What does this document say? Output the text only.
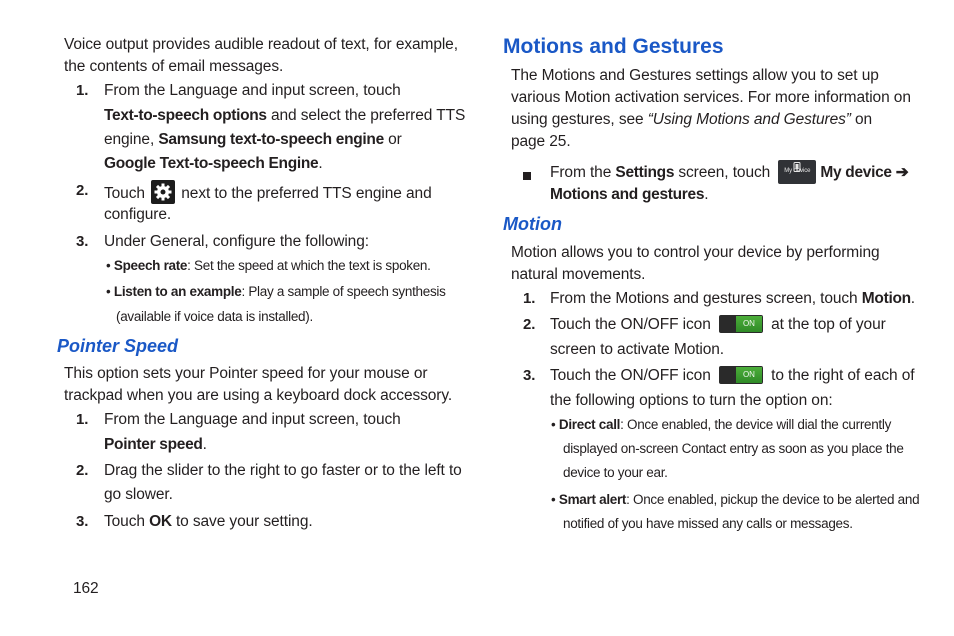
Voice output provides audible readout of text, for example,
the contents of email messages.
1. From the Language and input screen, touch
Text-to-speech options and select the preferred TTS
engine, Samsung text-to-speech engine or
Google Text-to-speech Engine.
2. Touch
next to the preferred TTS engine and
configure.
3. Under General, configure the following:
• Speech rate: Set the speed at which the text is spoken.
• Listen to an example: Play a sample of speech synthesis
(available if voice data is installed).
Pointer Speed
This option sets your Pointer speed for your mouse or
trackpad when you are using a keyboard dock accessory.
1. From the Language and input screen, touch
Pointer speed.
2. Drag the slider to the right to go faster or to the left to
go slower.
3. Touch OK to save your setting.
162
Motions and Gestures
The Motions and Gestures settings allow you to set up
various Motion activation services. For more information on
using gestures, see “Using Motions and Gestures” on
page 25.
From the Settings screen, touch	My device My device ➔
Motions and gestures.
Motion
Motion allows you to control your device by performing
natural movements.
1. From the Motions and gestures screen, touch Motion.
2. Touch the ON/OFF icon	ON at the top of your
screen to activate Motion.
3. Touch the ON/OFF icon	ON to the right of each of
the following options to turn the option on:
• Direct call: Once enabled, the device will dial the currently
displayed on-screen Contact entry as soon as you place the
device to your ear.
• Smart alert: Once enabled, pickup the device to be alerted and
notified of you have missed any calls or messages.
